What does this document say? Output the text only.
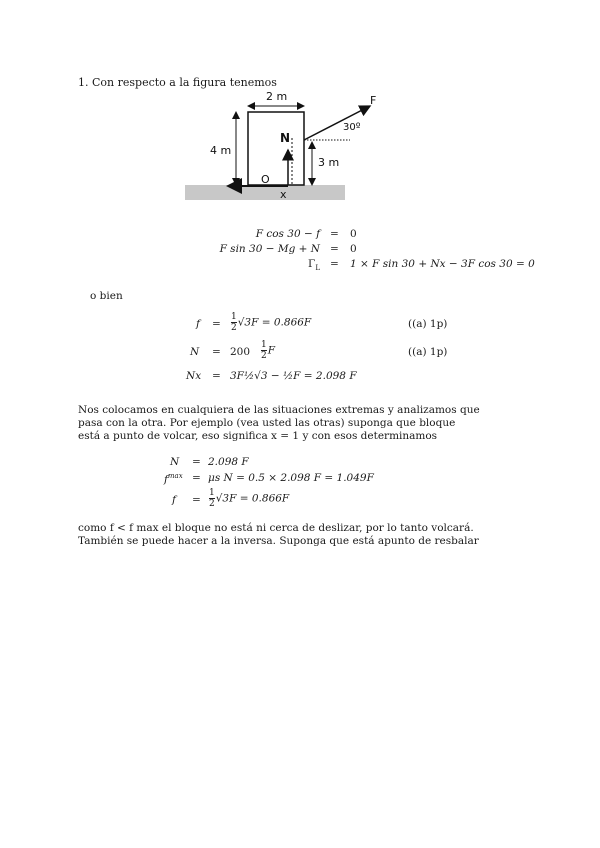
1. Con respecto a la figura tenemos
2 m
4 m
F
30º
3 m
N
O
x
F cos 30 − f = 0
F sin 30 − Mg + N = 0
$\Gamma_L = 1 \times F$ sin 30 + Nx − 3F cos 30 = 0
o bien
$f = \frac{1}{2} √3F = 0.866F$	((a) 1p)
$N = 200 \frac{1}{2}$ F	((a) 1p)
Nx = 3F½√3 − ½F = 2.098 F
Nos colocamos en cualquiera de las situaciones extremas y analizamos que
pasa con la otra. Por ejemplo (vea usted las otras) suponga que bloque
está a punto de volcar, eso significa x = 1 y con esos determinamos
N = 2.098 F
$f^{max} = \mu s$ N = 0.5 × 2.098 F = 1.049F
$f = \frac{1}{2} √3F = 0.866F$
como f < f max el bloque no está ni cerca de deslizar, por lo tanto volcará.
También se puede hacer a la inversa. Suponga que está apunto de resbalar
